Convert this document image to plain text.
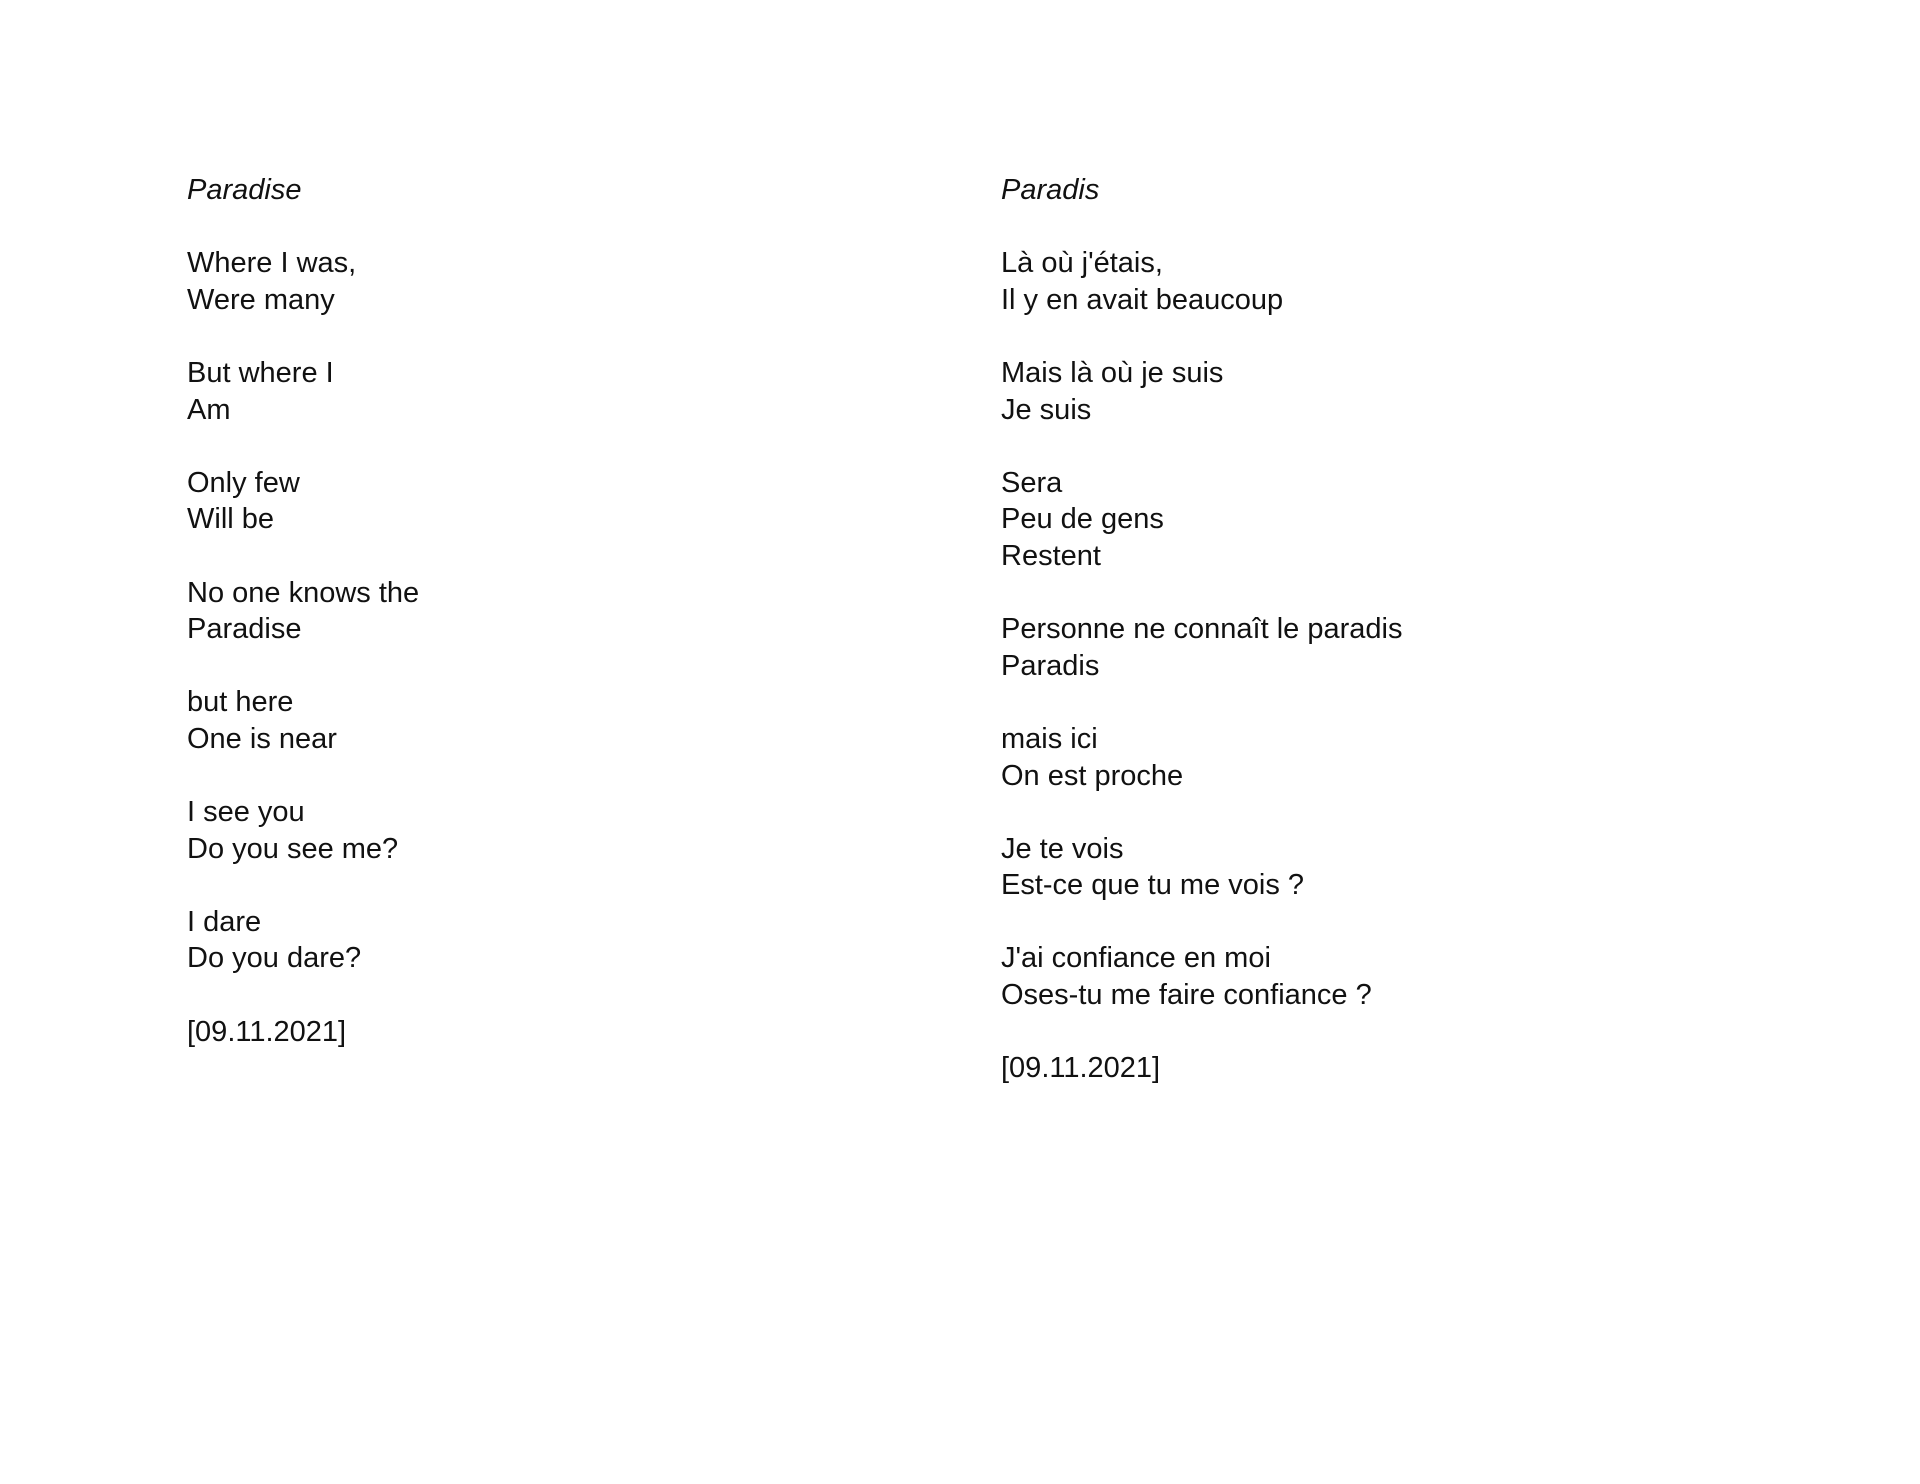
Paradise
Where I was,
Were many
But where I
Am
Only few
Will be
No one knows the
Paradise
but here
One is near
I see you
Do you see me?
I dare
Do you dare?
[09.11.2021]
Paradis
Là où j'étais,
Il y en avait beaucoup
Mais là où je suis
Je suis
Sera
Peu de gens
Restent
Personne ne connaît le paradis
Paradis
mais ici
On est proche
Je te vois
Est-ce que tu me vois ?
J'ai confiance en moi
Oses-tu me faire confiance ?
[09.11.2021]
